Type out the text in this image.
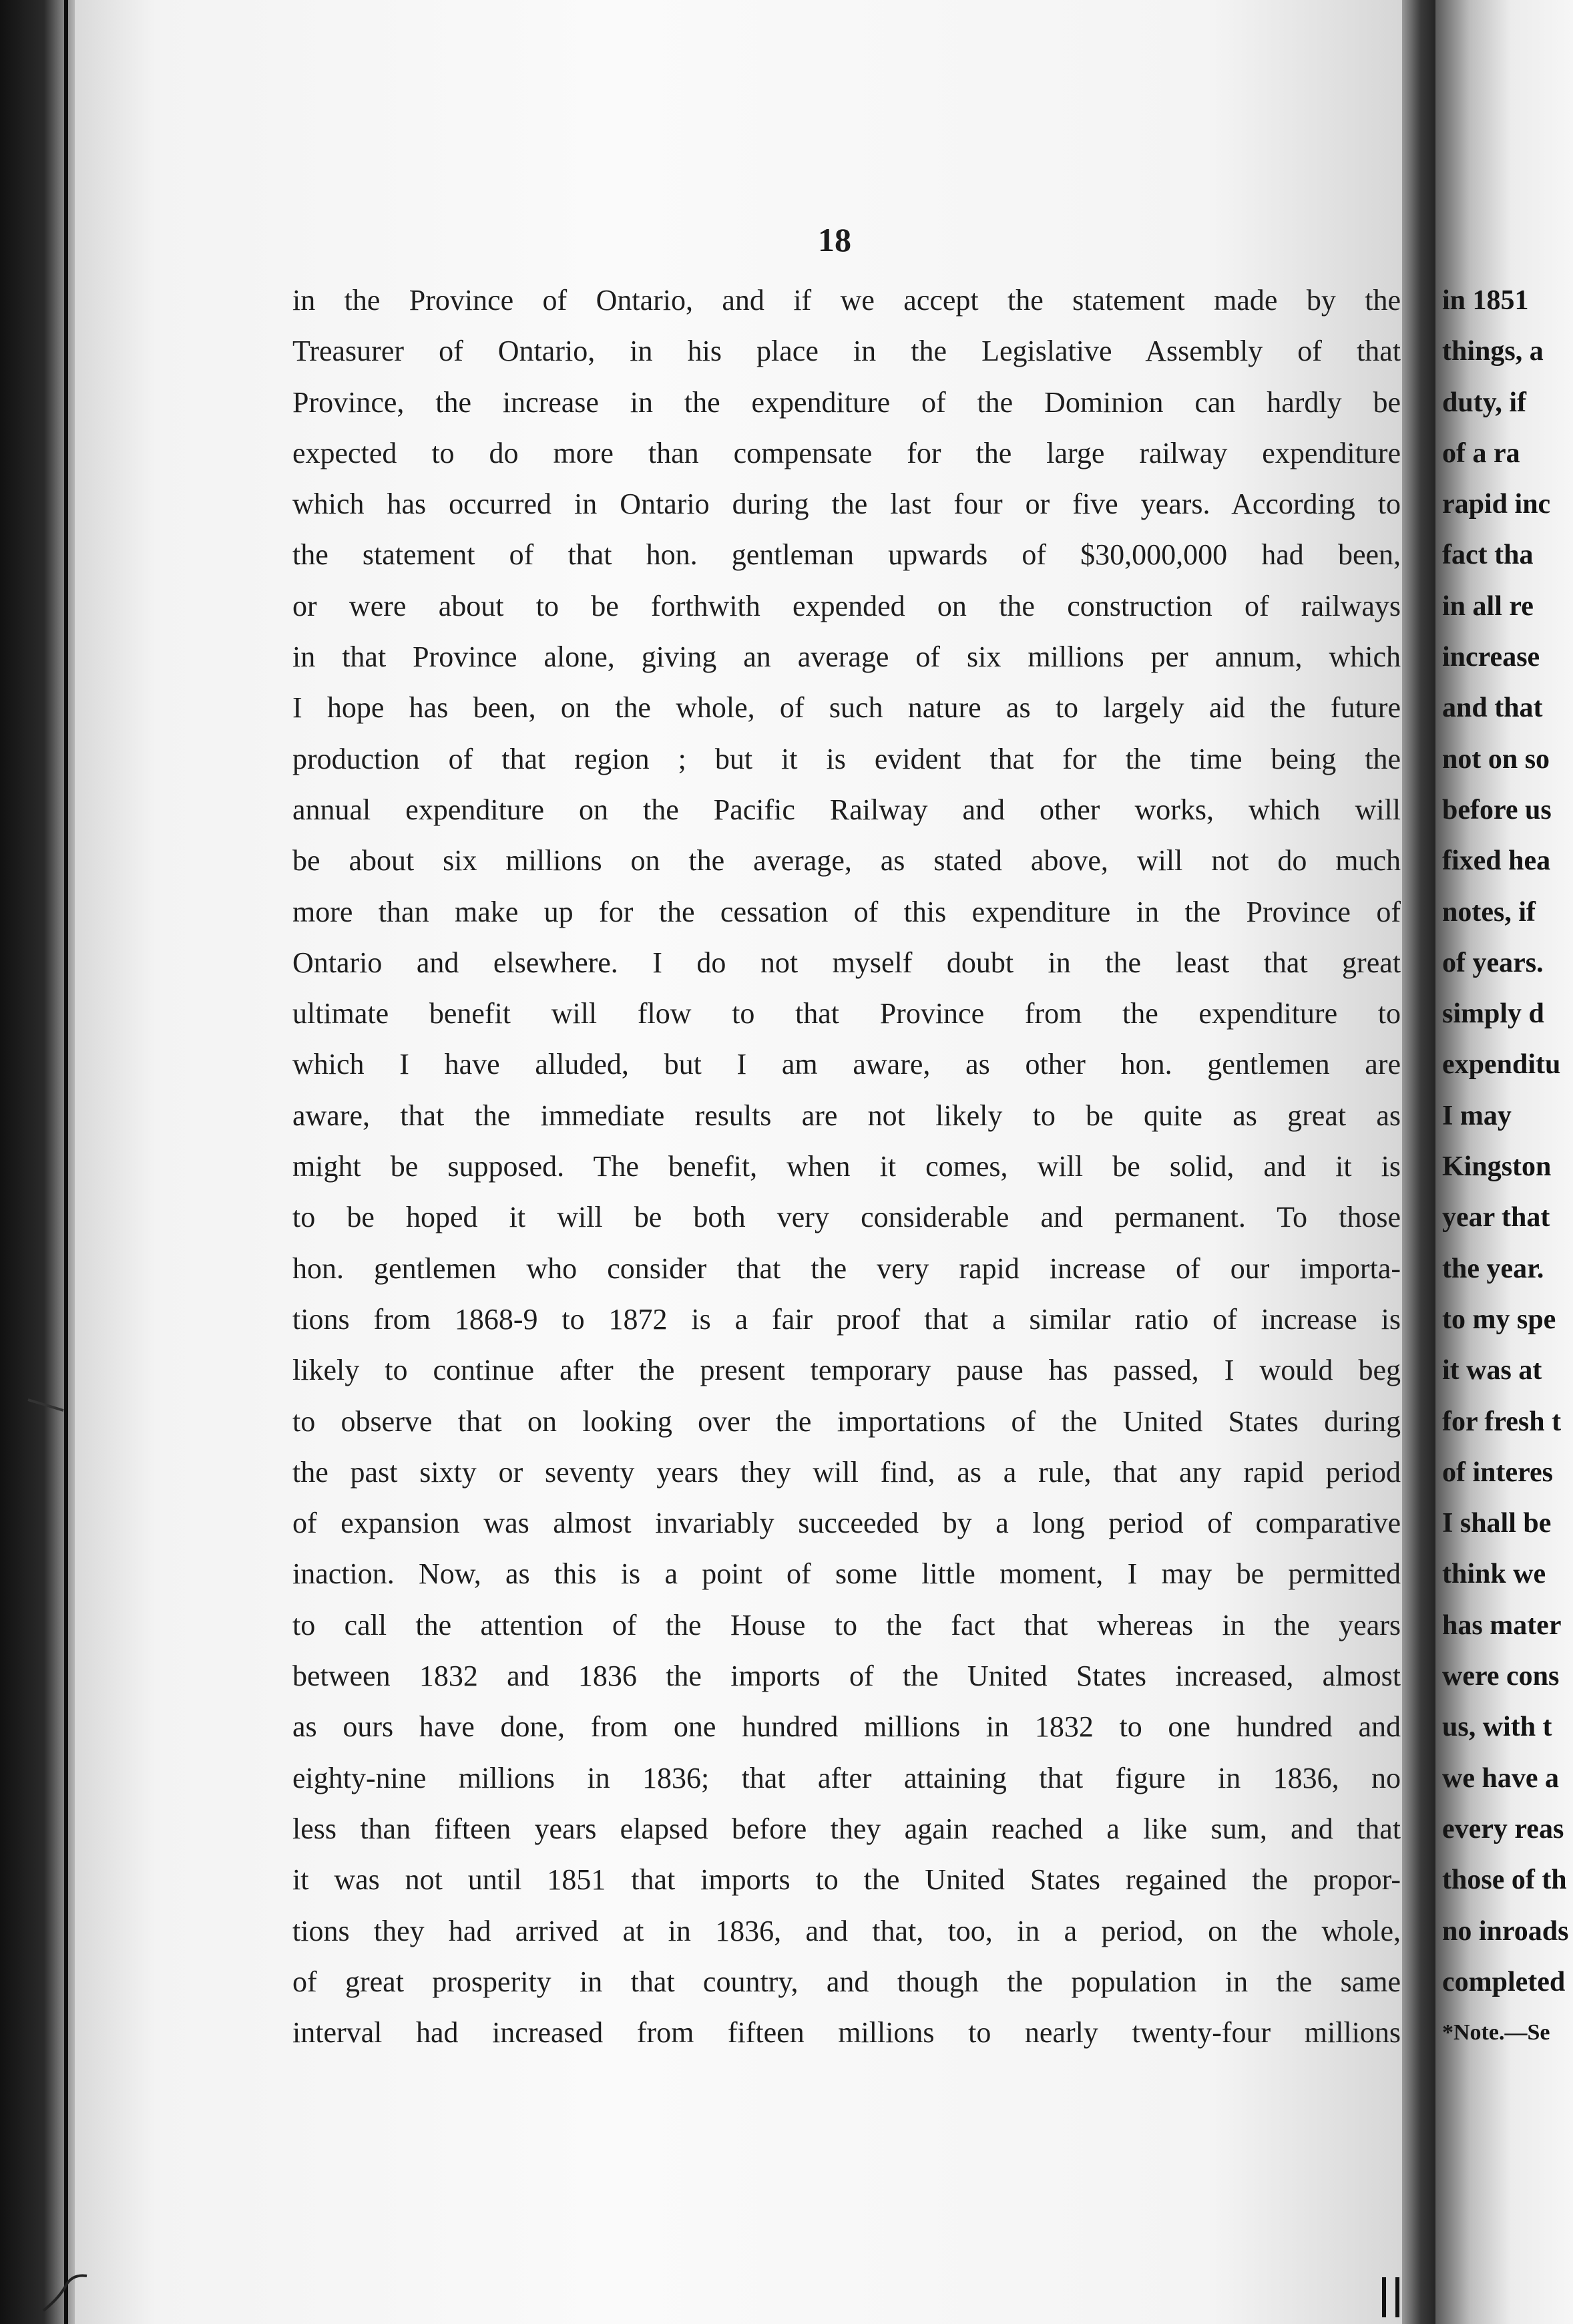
18
in the Province of Ontario, and if we accept the statement made by the
Treasurer of Ontario, in his place in the Legislative Assembly of that
Province, the increase in the expenditure of the Dominion can hardly be
expected to do more than compensate for the large railway expenditure
which has occurred in Ontario during the last four or five years. According to
the statement of that hon. gentleman upwards of $30,000,000 had been,
or were about to be forthwith expended on the construction of railways
in that Province alone, giving an average of six millions per annum, which
I hope has been, on the whole, of such nature as to largely aid the future
production of that region ; but it is evident that for the time being the
annual expenditure on the Pacific Railway and other works, which will
be about six millions on the average, as stated above, will not do much
more than make up for the cessation of this expenditure in the Province of
Ontario and elsewhere. I do not myself doubt in the least that great
ultimate benefit will flow to that Province from the expenditure to
which I have alluded, but I am aware, as other hon. gentlemen are
aware, that the immediate results are not likely to be quite as great as
might be supposed. The benefit, when it comes, will be solid, and it is
to be hoped it will be both very considerable and permanent. To those
hon. gentlemen who consider that the very rapid increase of our importa-
tions from 1868-9 to 1872 is a fair proof that a similar ratio of increase is
likely to continue after the present temporary pause has passed, I would beg
to observe that on looking over the importations of the United States during
the past sixty or seventy years they will find, as a rule, that any rapid period
of expansion was almost invariably succeeded by a long period of comparative
inaction. Now, as this is a point of some little moment, I may be permitted
to call the attention of the House to the fact that whereas in the years
between 1832 and 1836 the imports of the United States increased, almost
as ours have done, from one hundred millions in 1832 to one hundred and
eighty-nine millions in 1836; that after attaining that figure in 1836, no
less than fifteen years elapsed before they again reached a like sum, and that
it was not until 1851 that imports to the United States regained the propor-
tions they had arrived at in 1836, and that, too, in a period, on the whole,
of great prosperity in that country, and though the population in the same
interval had increased from fifteen millions to nearly twenty-four millions
in 1851
things, a
duty, if
of a ra
rapid inc
fact tha
in all re
increase
and that
not on so
before us
fixed hea
notes, if
of years.
simply d
expenditu
I may
Kingston
year that
the year.
to my spe
it was at
for fresh t
of interes
I shall be
think we
has mater
were cons
us, with t
we have a
every reas
those of th
no inroads
completed
*Note.—Se
